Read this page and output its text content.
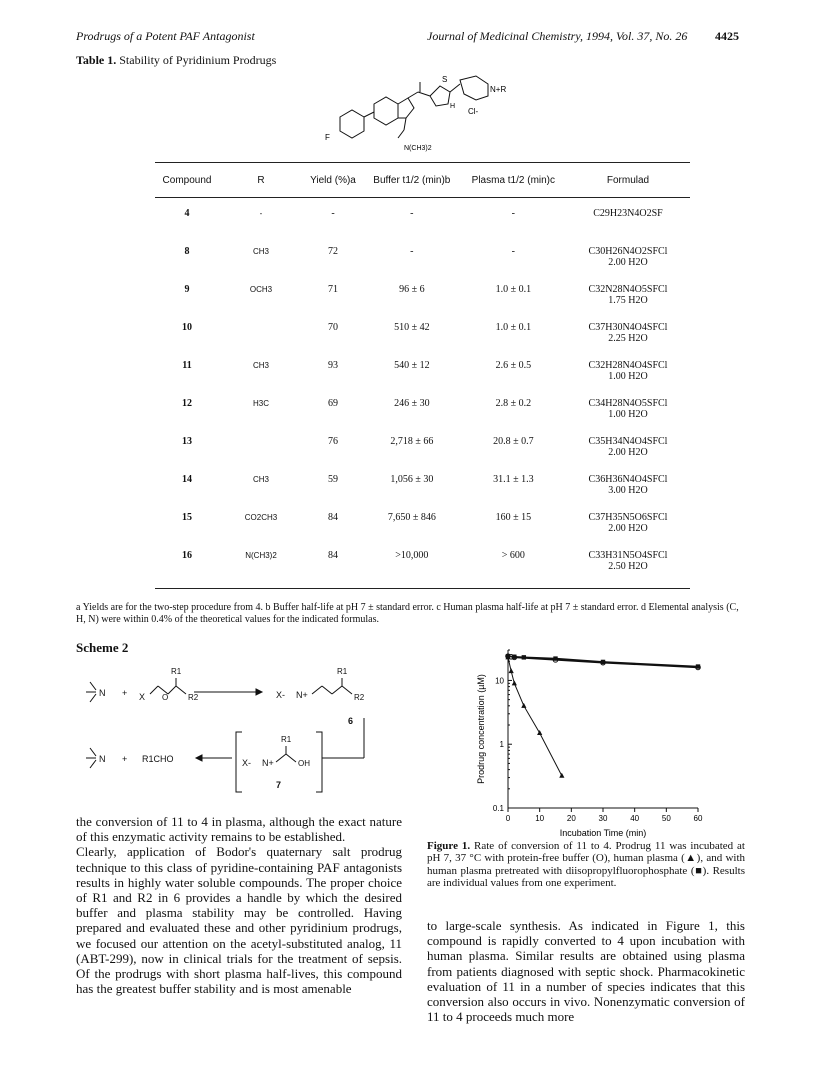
Prodrugs of a Potent PAF Antagonist	Journal of Medicinal Chemistry, 1994, Vol. 37, No. 26 4425
Table 1. Stability of Pyridinium Prodrugs
F
N(CH3)2
S
N+R
H
Cl-
Compound	R	Yield (%)a	Buffer t1/2 (min)b	Plasma t1/2 (min)c	Formulad
4	-	-	-	-	C29H23N4O2SF

8	CH3	72	-	-	C30H26N4O2SFCl
2.00 H2O

9	OCH3	71	96 ± 6	1.0 ± 0.1	C32N28N4O5SFCl
1.75 H2O

10		70	510 ± 42	1.0 ± 0.1	C37H30N4O4SFCl
2.25 H2O

11	CH3	93	540 ± 12	2.6 ± 0.5	C32H28N4O4SFCl
1.00 H2O

12	H3C	69	246 ± 30	2.8 ± 0.2	C34H28N4O5SFCl
1.00 H2O

13		76	2,718 ± 66	20.8 ± 0.7	C35H34N4O4SFCl
2.00 H2O

14	CH3	59	1,056 ± 30	31.1 ± 1.3	C36H36N4O4SFCl
3.00 H2O

15	CO2CH3	84	7,650 ± 846	160 ± 15	C37H35N5O6SFCl
2.00 H2O

16	N(CH3)2	84	>10,000	> 600	C33H31N5O4SFCl
2.50 H2O
a Yields are for the two-step procedure from 4. b Buffer half-life at pH 7 ± standard error. c Human plasma half-life at pH 7 ± standard error. d Elemental analysis (C, H, N) were within 0.4% of the theoretical values for the indicated formulas.
Scheme 2
N + X
R1
O R2	X- N+
R1
R2
6
N + R1CHO	X- N+
R1
OH
7
the conversion of 11 to 4 in plasma, although the exact nature of this enzymatic activity remains to be established.
Clearly, application of Bodor's quaternary salt prodrug technique to this class of pyridine-containing PAF antagonists results in highly water soluble compounds. The proper choice of R1 and R2 in 6 provides a handle by which the desired buffer and plasma stability may be controlled. Having prepared and evaluated these and other pyridinium prodrugs, we focused our attention on the acetyl-substituted analog, 11 (ABT-299), now in clinical trials for the treatment of sepsis. Of the prodrugs with short plasma half-lives, this compound has the greatest buffer stability and is most amenable
0	10	20	30	40	50	60
0.1
1
10
Incubation Time (min)
Prodrug concentration (µM)
Figure 1. Rate of conversion of 11 to 4. Prodrug 11 was incubated at pH 7, 37 °C with protein-free buffer (O), human plasma (▲), and with human plasma pretreated with diisopropylfluorophosphate (■). Results are individual values from one experiment.
to large-scale synthesis. As indicated in Figure 1, this compound is rapidly converted to 4 upon incubation with human plasma. Similar results are obtained using plasma from patients diagnosed with septic shock. Pharmacokinetic evaluation of 11 in a number of species indicates that this conversion also occurs in vivo. Nonenzymatic conversion of 11 to 4 proceeds much more
